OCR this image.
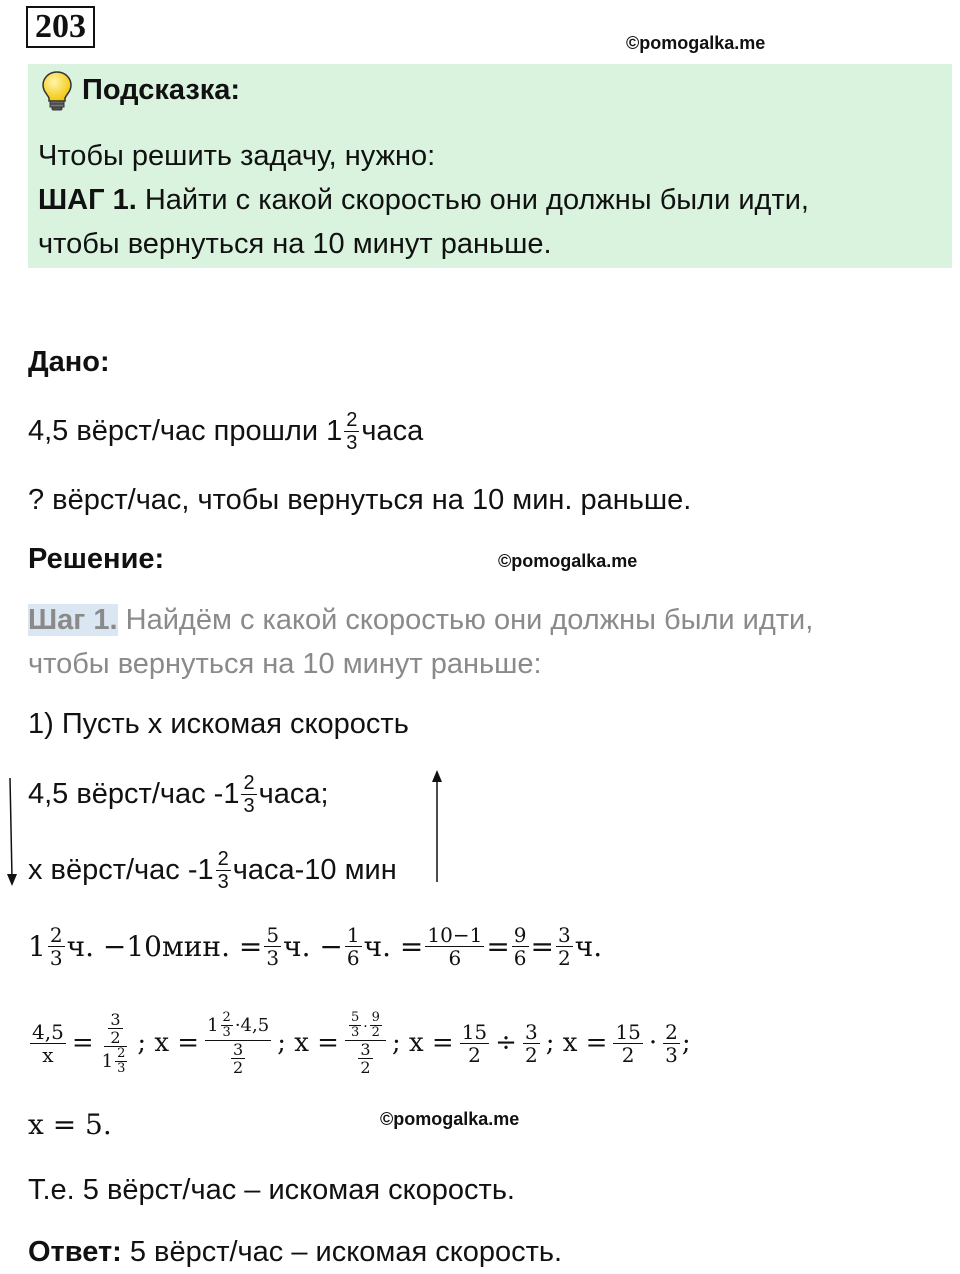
203	©pomogalka.me
©pomogalka.me
©pomogalka.me
Подсказка:
Чтобы решить задачу, нужно:
ШАГ 1. Найти с какой скоростью они должны были идти,
чтобы вернуться на 10 минут раньше.
Дано:
4,5 вёрст/час прошли $1 \frac{2}{3}$ часа
? вёрст/час, чтобы вернуться на 10 мин. раньше.
Решение:
Шаг 1. Найдём с какой скоростью они должны были идти,
чтобы вернуться на 10 минут раньше:
1) Пусть x искомая скорость
4,5 вёрст/час $-1 \frac{2}{3}$ часа;
x вёрст/час $-1 \frac{2}{3}$ часа-10 мин
$1 \frac{2}{3} ч$. −10мин. = $\frac{5}{3} ч$. − $\frac{1}{6} ч$. = $\frac{10-1}{6} = \frac{9}{6} = \frac{3}{2} ч$.
$\frac{4,5}{x} = \frac{\frac{3}{2}}{1 \frac{2}{3}}$ ; $x = \frac{1 \frac{2}{3} \cdot 4,5}{\frac{3}{2}}$ ; $x = \frac{\frac{5}{3} \cdot \frac{9}{2}}{\frac{3}{2}}$ ; $x = \frac{15}{2} \div \frac{3}{2}$ ; $x = \frac{15}{2} \cdot \frac{2}{3}$ ;
x = 5.
Т.е. 5 вёрст/час – искомая скорость.
Ответ: 5 вёрст/час – искомая скорость.
